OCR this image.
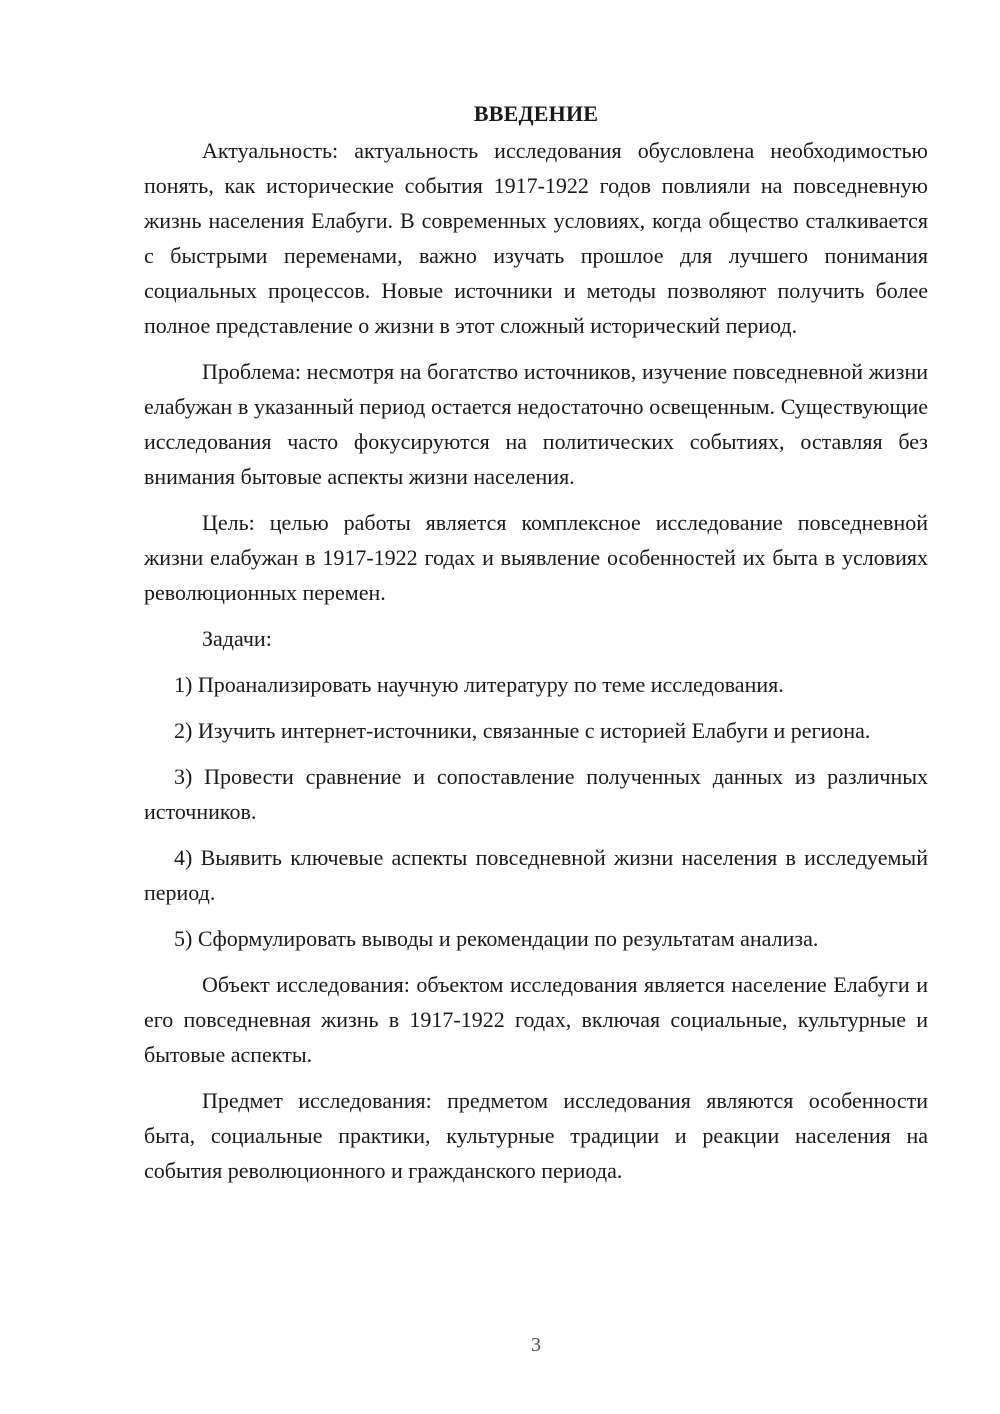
ВВЕДЕНИЕ

Актуальность: актуальность исследования обусловлена необходимостью понять, как исторические события 1917-1922 годов повлияли на повседневную жизнь населения Елабуги. В современных условиях, когда общество сталкивается с быстрыми переменами, важно изучать прошлое для лучшего понимания социальных процессов. Новые источники и методы позволяют получить более полное представление о жизни в этот сложный исторический период.

Проблема: несмотря на богатство источников, изучение повседневной жизни елабужан в указанный период остается недостаточно освещенным. Существующие исследования часто фокусируются на политических событиях, оставляя без внимания бытовые аспекты жизни населения.

Цель: целью работы является комплексное исследование повседневной жизни елабужан в 1917-1922 годах и выявление особенностей их быта в условиях революционных перемен.

Задачи:

1) Проанализировать научную литературу по теме исследования.

2) Изучить интернет-источники, связанные с историей Елабуги и региона.

3) Провести сравнение и сопоставление полученных данных из различных источников.

4) Выявить ключевые аспекты повседневной жизни населения в исследуемый период.

5) Сформулировать выводы и рекомендации по результатам анализа.

Объект исследования: объектом исследования является население Елабуги и его повседневная жизнь в 1917-1922 годах, включая социальные, культурные и бытовые аспекты.

Предмет исследования: предметом исследования являются особенности быта, социальные практики, культурные традиции и реакции населения на события революционного и гражданского периода.

3
